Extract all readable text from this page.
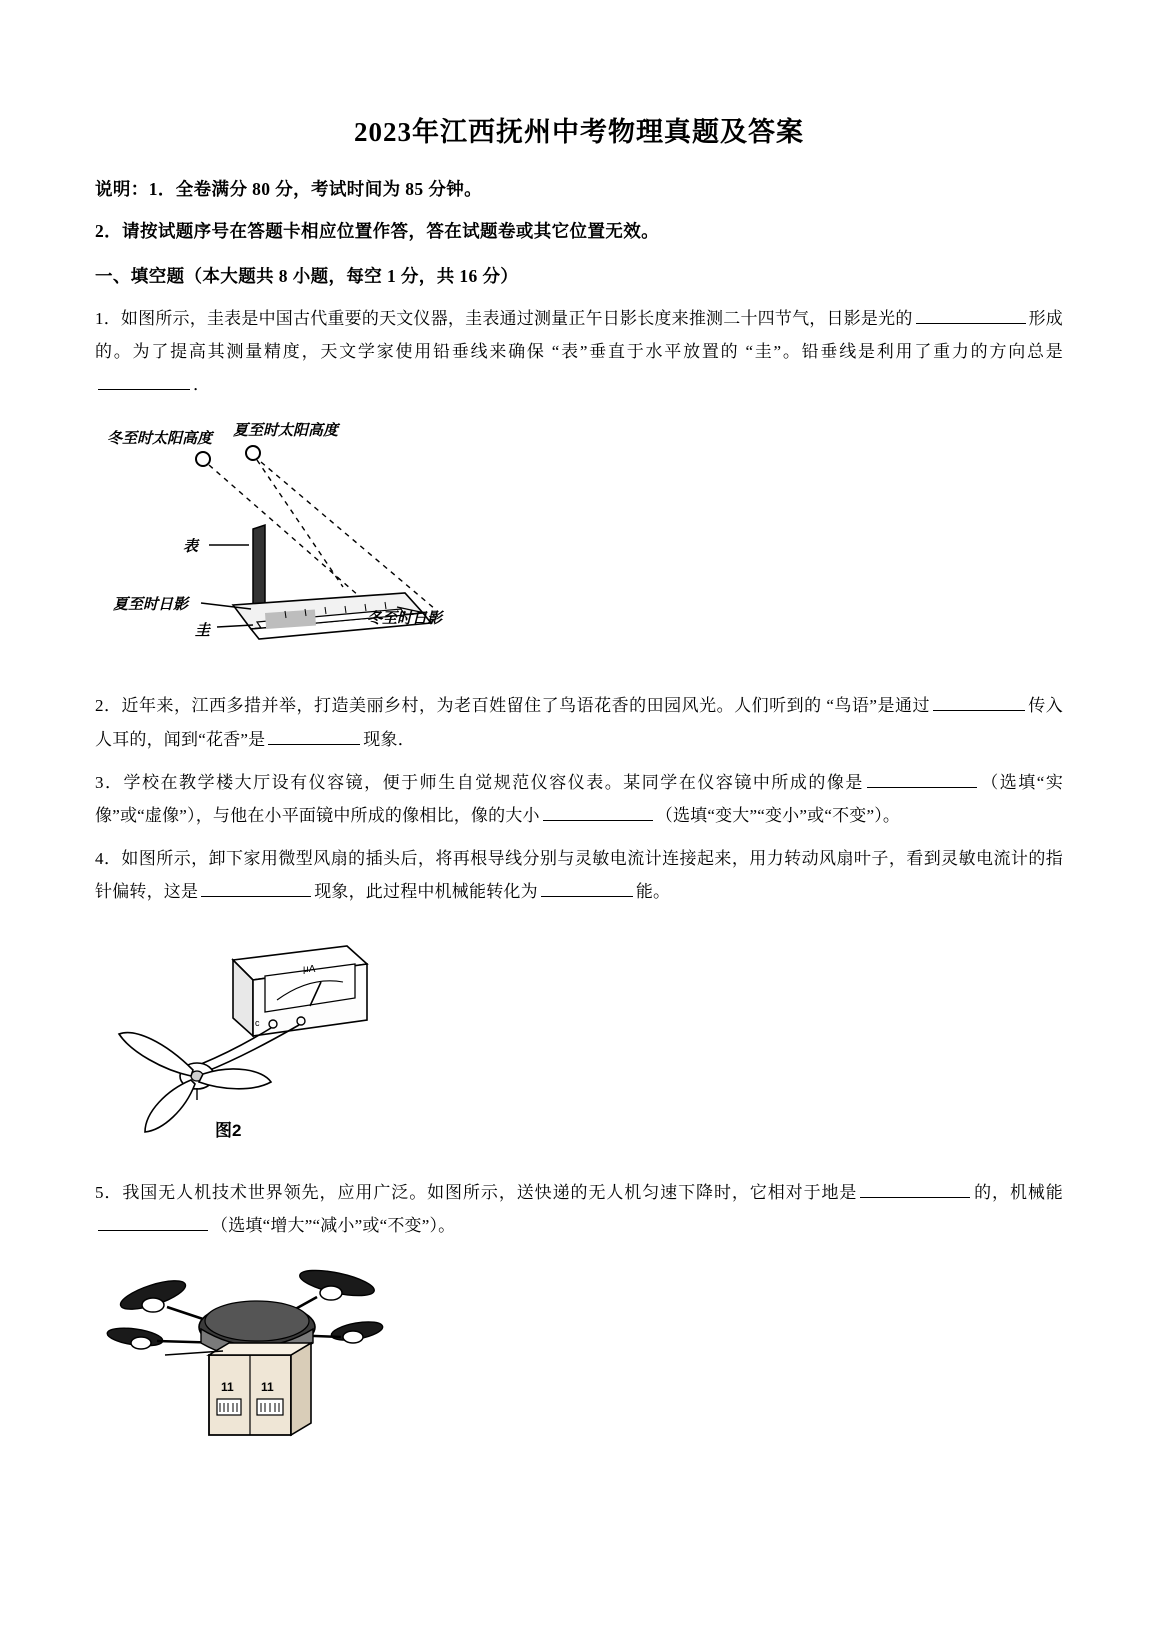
2023年江西抚州中考物理真题及答案

说明：1．全卷满分 80 分，考试时间为 85 分钟。

2．请按试题序号在答题卡相应位置作答，答在试题卷或其它位置无效。

一、填空题（本大题共 8 小题，每空 1 分，共 16 分）

1．如图所示，圭表是中国古代重要的天文仪器，圭表通过测量正午日影长度来推测二十四节气，日影是光的	形成的。为了提高其测量精度，天文学家使用铅垂线来确保 “表”垂直于水平放置的 “圭”。铅垂线是利用了重力的方向总是．

冬至时太阳高度 夏至时太阳高度
表
夏至时日影
圭
冬至时日影

2．近年来，江西多措并举，打造美丽乡村，为老百姓留住了鸟语花香的田园风光。人们听到的 “鸟语”是通过	传入人耳的，闻到“花香”是	现象．

3．学校在教学楼大厅设有仪容镜，便于师生自觉规范仪容仪表。某同学在仪容镜中所成的像是	（选填“实像”或“虚像”），与他在小平面镜中所成的像相比，像的大小	（选填“变大”“变小”或“不变”）。

4．如图所示，卸下家用微型风扇的插头后，将再根导线分别与灵敏电流计连接起来，用力转动风扇叶子，看到灵敏电流计的指针偏转，这是	现象，此过程中机械能转化为	能。

μA
c
图2

5．我国无人机技术世界领先，应用广泛。如图所示，送快递的无人机匀速下降时，它相对于地是	的，机械能（选填“增大”“减小”或“不变”）。

11 11
